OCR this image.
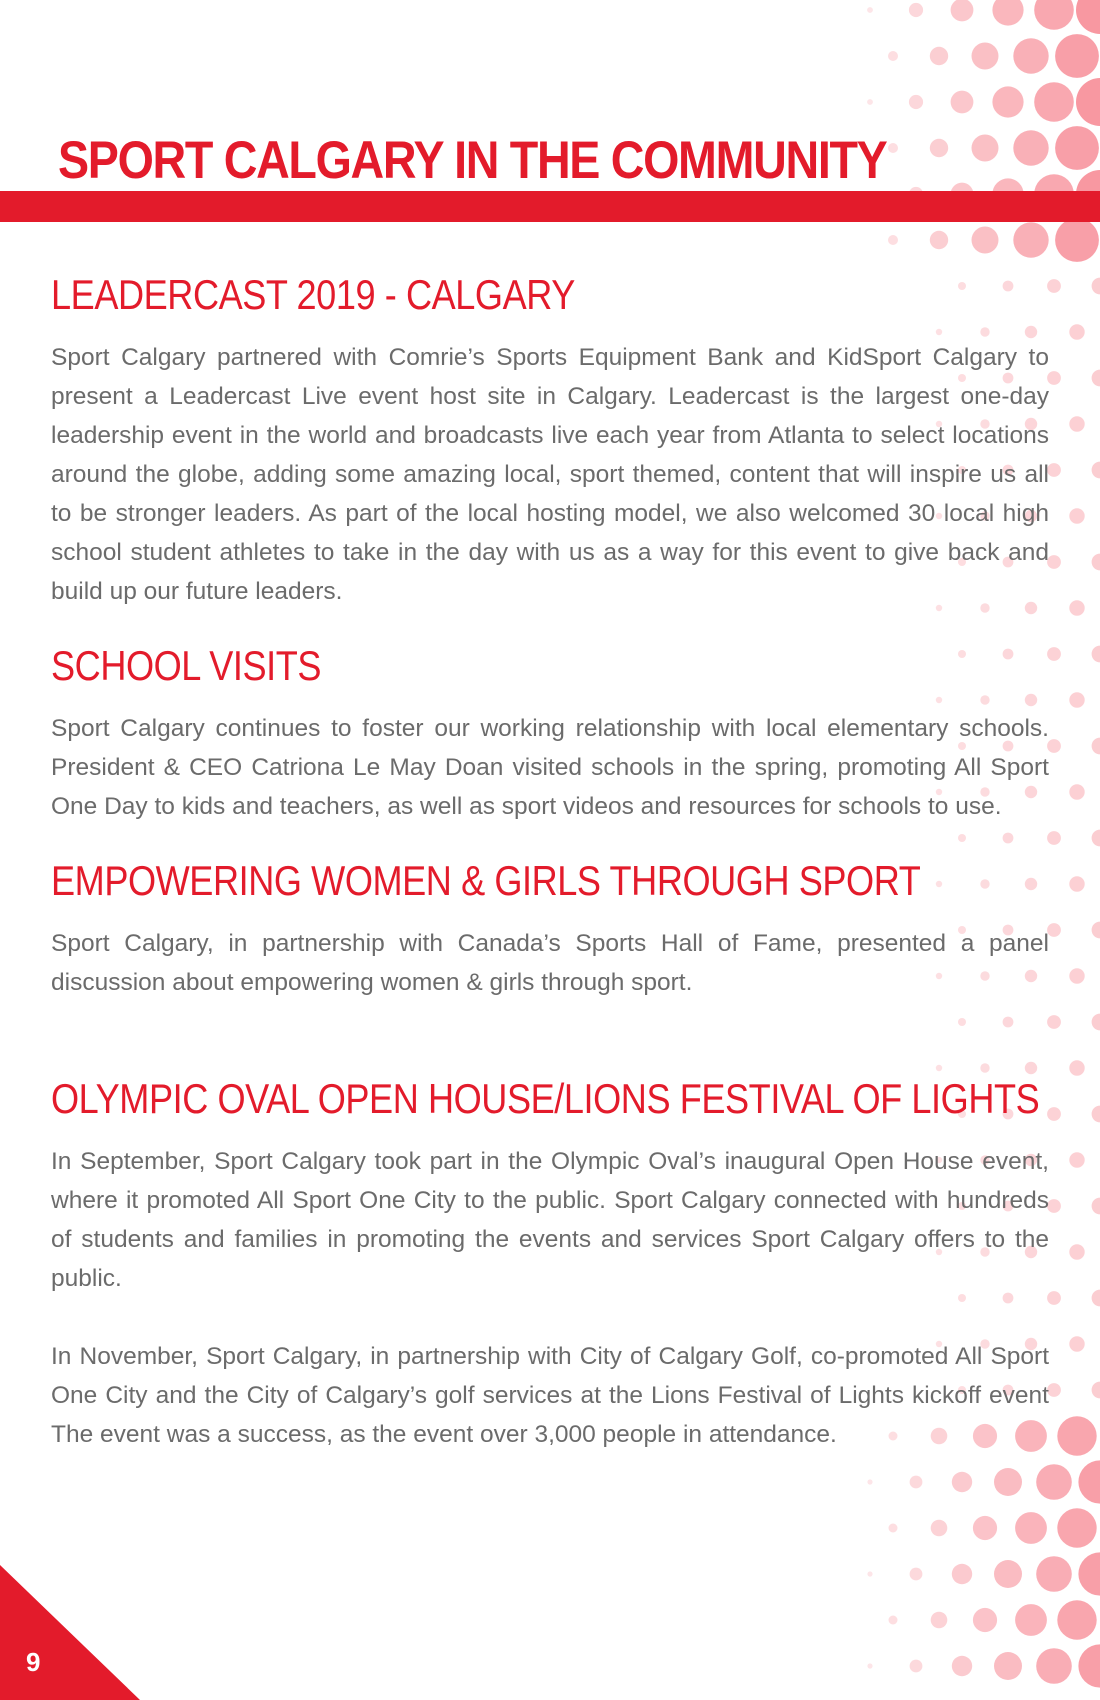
SPORT CALGARY IN THE COMMUNITY
LEADERCAST 2019 - CALGARY

Sport Calgary partnered with Comrie’s Sports Equipment Bank and KidSport Calgary to present a Leadercast Live event host site in Calgary. Leadercast is the largest one-day leadership event in the world and broadcasts live each year from Atlanta to select locations around the globe, adding some amazing local, sport themed, content that will inspire us all to be stronger leaders. As part of the local hosting model, we also welcomed 30 local high school student athletes to take in the day with us as a way for this event to give back and build up our future leaders.

SCHOOL VISITS

Sport Calgary continues to foster our working relationship with local elementary schools. President & CEO Catriona Le May Doan visited schools in the spring, promoting All Sport One Day to kids and teachers, as well as sport videos and resources for schools to use.

EMPOWERING WOMEN & GIRLS THROUGH SPORT

Sport Calgary, in partnership with Canada’s Sports Hall of Fame, presented a panel discussion about empowering women & girls through sport.

OLYMPIC OVAL OPEN HOUSE/LIONS FESTIVAL OF LIGHTS

In September, Sport Calgary took part in the Olympic Oval’s inaugural Open House event, where it promoted All Sport One City to the public. Sport Calgary connected with hundreds of students and families in promoting the events and services Sport Calgary offers to the public.

In November, Sport Calgary, in partnership with City of Calgary Golf, co-promoted All Sport One City and the City of Calgary’s golf services at the Lions Festival of Lights kickoff event The event was a success, as the event over 3,000 people in attendance.

9
